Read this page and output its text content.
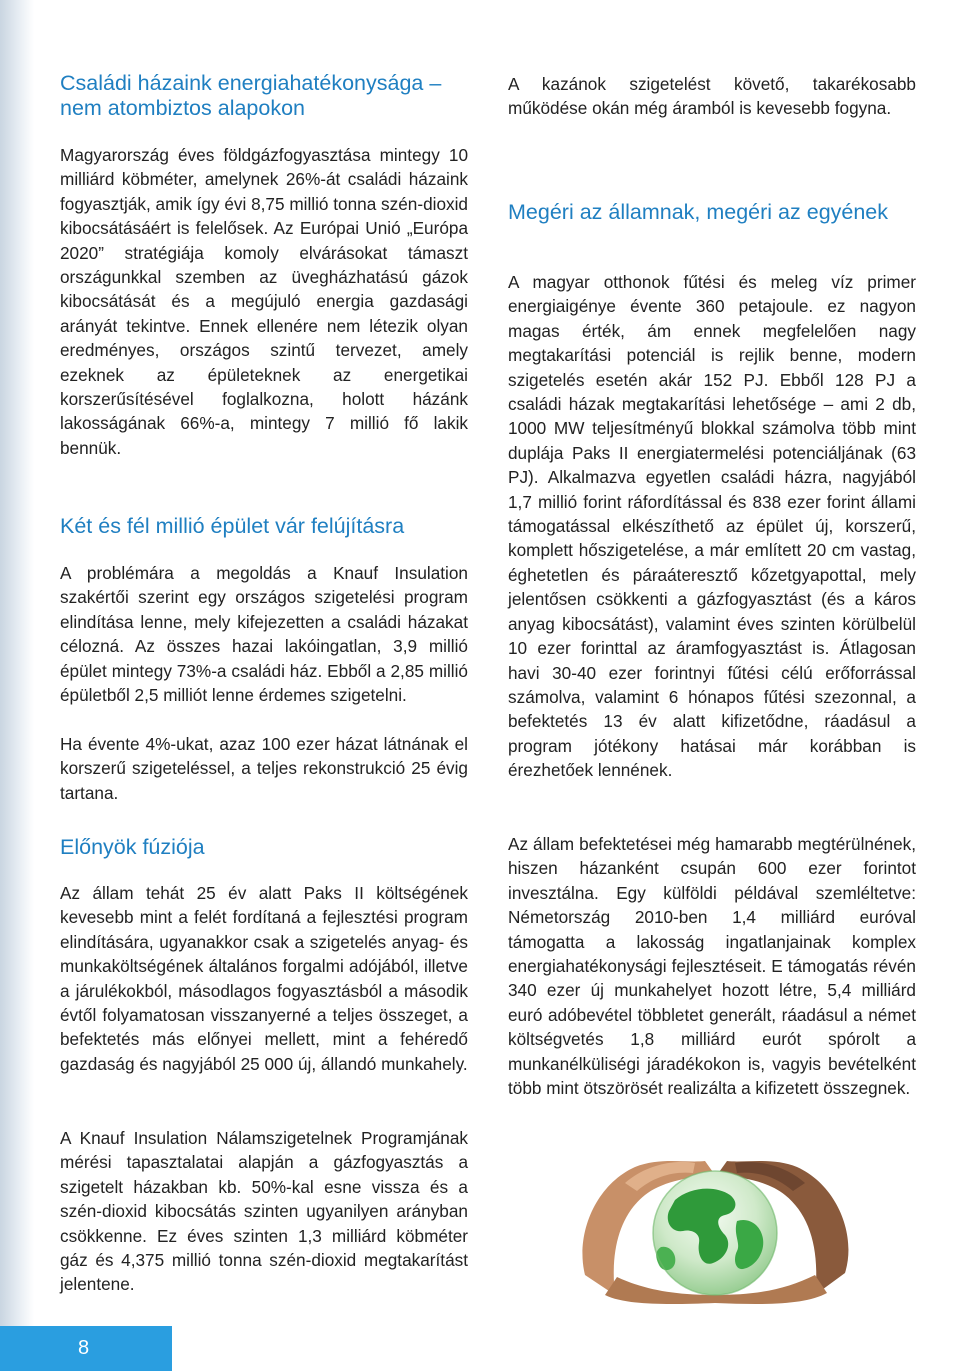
Családi házaink energiahatékonysága – nem atombiztos alapokon

Magyarország éves földgázfogyasztása mintegy 10 milliárd köbméter, amelynek 26%-át családi házaink fogyasztják, amik így évi 8,75 millió tonna szén-dioxid kibocsátásáért is felelősek. Az Európai Unió „Európa 2020” stratégiája komoly elvárásokat támaszt országunkkal szemben az üvegházhatású gázok kibocsátását és a megújuló energia gazdasági arányát tekintve. Ennek ellenére nem létezik olyan eredményes, országos szintű tervezet, amely ezeknek az épületeknek az energetikai korszerűsítésével foglalkozna, holott házánk lakosságának 66%-a, mintegy 7 millió fő lakik bennük.

Két és fél millió épület vár felújításra

A problémára a megoldás a Knauf Insulation szakértői szerint egy országos szigetelési program elindítása lenne, mely kifejezetten a családi házakat célozná. Az összes hazai lakóingatlan, 3,9 millió épület mintegy 73%-a családi ház. Ebből a 2,85 millió épületből 2,5 milliót lenne érdemes szigetelni.

Ha évente 4%-ukat, azaz 100 ezer házat látnának el korszerű szigeteléssel, a teljes rekonstrukció 25 évig tartana.

Előnyök fúziója

Az állam tehát 25 év alatt Paks II költségének kevesebb mint a felét fordítaná a fejlesztési program elindítására, ugyanakkor csak a szigetelés anyag- és munkaköltségének általános forgalmi adójából, illetve a járulékokból, másodlagos fogyasztásból a második évtől folyamatosan visszanyerné a teljes összeget, a befektetés más előnyei mellett, mint a fehéredő gazdaság és nagyjából 25 000 új, állandó munkahely.

A Knauf Insulation Nálamszigetelnek Programjának mérési tapasztalatai alapján a gázfogyasztás a szigetelt házakban kb. 50%-kal esne vissza és a szén-dioxid kibocsátás szinten ugyanilyen arányban csökkenne. Ez éves szinten 1,3 milliárd köbméter gáz és 4,375 millió tonna szén-dioxid megtakarítást jelentene.

A kazánok szigetelést követő, takarékosabb működése okán még áramból is kevesebb fogyna.

Megéri az államnak, megéri az egyének

A magyar otthonok fűtési és meleg víz primer energiaigénye évente 360 petajoule. ez nagyon magas érték, ám ennek megfelelően nagy megtakarítási potenciál is rejlik benne, modern szigetelés esetén akár 152 PJ. Ebből 128 PJ a családi házak megtakarítási lehetősége – ami 2 db, 1000 MW teljesítményű blokkal számolva több mint duplája Paks II energiatermelési potenciáljának (63 PJ). Alkalmazva egyetlen családi házra, nagyjából 1,7 millió forint ráfordítással és 838 ezer forint állami támogatással elkészíthető az épület új, korszerű, komplett hőszigetelése, a már említett 20 cm vastag, éghetetlen és páraáteresztő kőzetgyapottal, mely jelentősen csökkenti a gázfogyasztást (és a káros anyag kibocsátást), valamint éves szinten körülbelül 10 ezer forinttal az áramfogyasztást is. Átlagosan havi 30-40 ezer forintnyi fűtési célú erőforrással számolva, valamint 6 hónapos fűtési szezonnal, a befektetés 13 év alatt kifizetődne, ráadásul a program jótékony hatásai már korábban is érezhetőek lennének.

Az állam befektetései még hamarabb megtérülnének, hiszen házanként csupán 600 ezer forintot invesztálna. Egy külföldi példával szemléltetve: Németország 2010-ben 1,4 milliárd euróval támogatta a lakosság ingatlanjainak komplex energiahatékonysági fejlesztéseit. E támogatás révén 340 ezer új munkahelyet hozott létre, 5,4 milliárd euró adóbevétel többletet generált, ráadásul a német költségvetés 1,8 milliárd eurót spórolt a munkanélküliségi járadékokon is, vagyis bevételként több mint ötszörösét realizálta a kifizetett összegnek.

8
